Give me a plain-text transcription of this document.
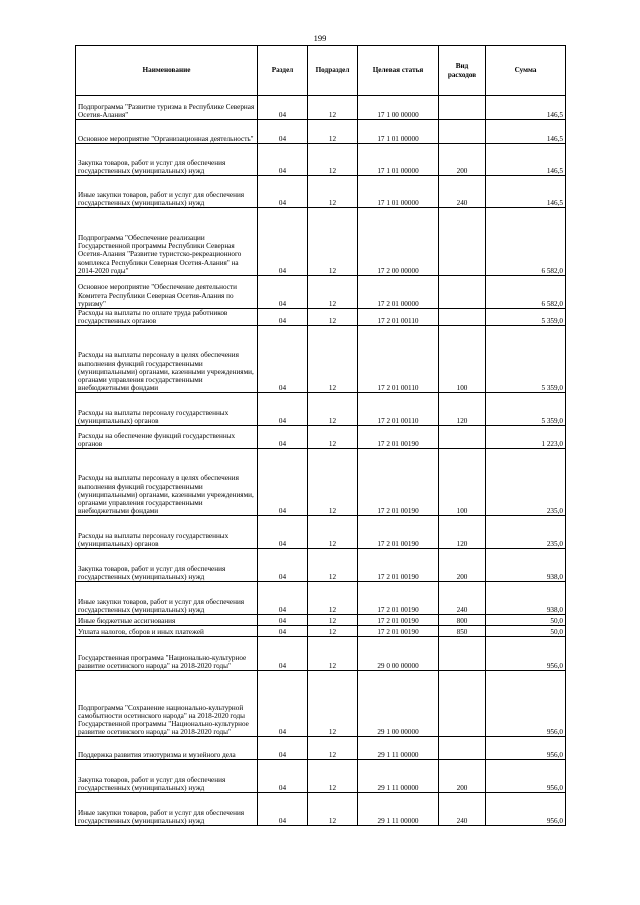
199
Наименование	Раздел	Подраздел	Целевая статья	Вид расходов	Сумма
Подпрограмма "Развитие туризма в Республике Северная Осетия-Алания"	04	12	17 1 00 00000		146,5
Основное мероприятие "Организационная деятельность"	04	12	17 1 01 00000		146,5
Закупка товаров, работ и услуг для обеспечения государственных (муниципальных) нужд	04	12	17 1 01 00000	200	146,5
Иные закупки товаров, работ и услуг для обеспечения государственных (муниципальных) нужд	04	12	17 1 01 00000	240	146,5
Подпрограмма "Обеспечение реализации Государственной программы Республики Северная Осетия-Алания "Развитие туристско-рекреационного комплекса Республики Северная Осетия-Алания" на 2014-2020 годы"	04	12	17 2 00 00000		6 582,0
Основное мероприятие "Обеспечение деятельности Комитета Республики Северная Осетия-Алания по туризму"	04	12	17 2 01 00000		6 582,0
Расходы на выплаты по оплате труда работников государственных органов	04	12	17 2 01 00110		5 359,0
Расходы на выплаты персоналу в целях обеспечения выполнения функций государственными (муниципальными) органами, казенными учреждениями, органами управления государственными внебюджетными фондами	04	12	17 2 01 00110	100	5 359,0
Расходы на выплаты персоналу государственных (муниципальных) органов	04	12	17 2 01 00110	120	5 359,0
Расходы на обеспечение функций государственных органов	04	12	17 2 01 00190		1 223,0
Расходы на выплаты персоналу в целях обеспечения выполнения функций государственными (муниципальными) органами, казенными учреждениями, органами управления государственными внебюджетными фондами	04	12	17 2 01 00190	100	235,0
Расходы на выплаты персоналу государственных (муниципальных) органов	04	12	17 2 01 00190	120	235,0
Закупка товаров, работ и услуг для обеспечения государственных (муниципальных) нужд	04	12	17 2 01 00190	200	938,0
Иные закупки товаров, работ и услуг для обеспечения государственных (муниципальных) нужд	04	12	17 2 01 00190	240	938,0
Иные бюджетные ассигнования	04	12	17 2 01 00190	800	50,0
Уплата налогов, сборов и иных платежей	04	12	17 2 01 00190	850	50,0
Государственная программа "Национально-культурное развитие осетинского народа" на 2018-2020 годы"	04	12	29 0 00 00000		956,0
Подпрограмма "Сохранение национально-культурной самобытности осетинского народа" на 2018-2020 годы Государственной программы "Национально-культурное развитие осетинского народа" на 2018-2020 годы"	04	12	29 1 00 00000		956,0
Поддержка развития этнотуризма и музейного дела	04	12	29 1 11 00000		956,0
Закупка товаров, работ и услуг для обеспечения государственных (муниципальных) нужд	04	12	29 1 11 00000	200	956,0
Иные закупки товаров, работ и услуг для обеспечения государственных (муниципальных) нужд	04	12	29 1 11 00000	240	956,0
